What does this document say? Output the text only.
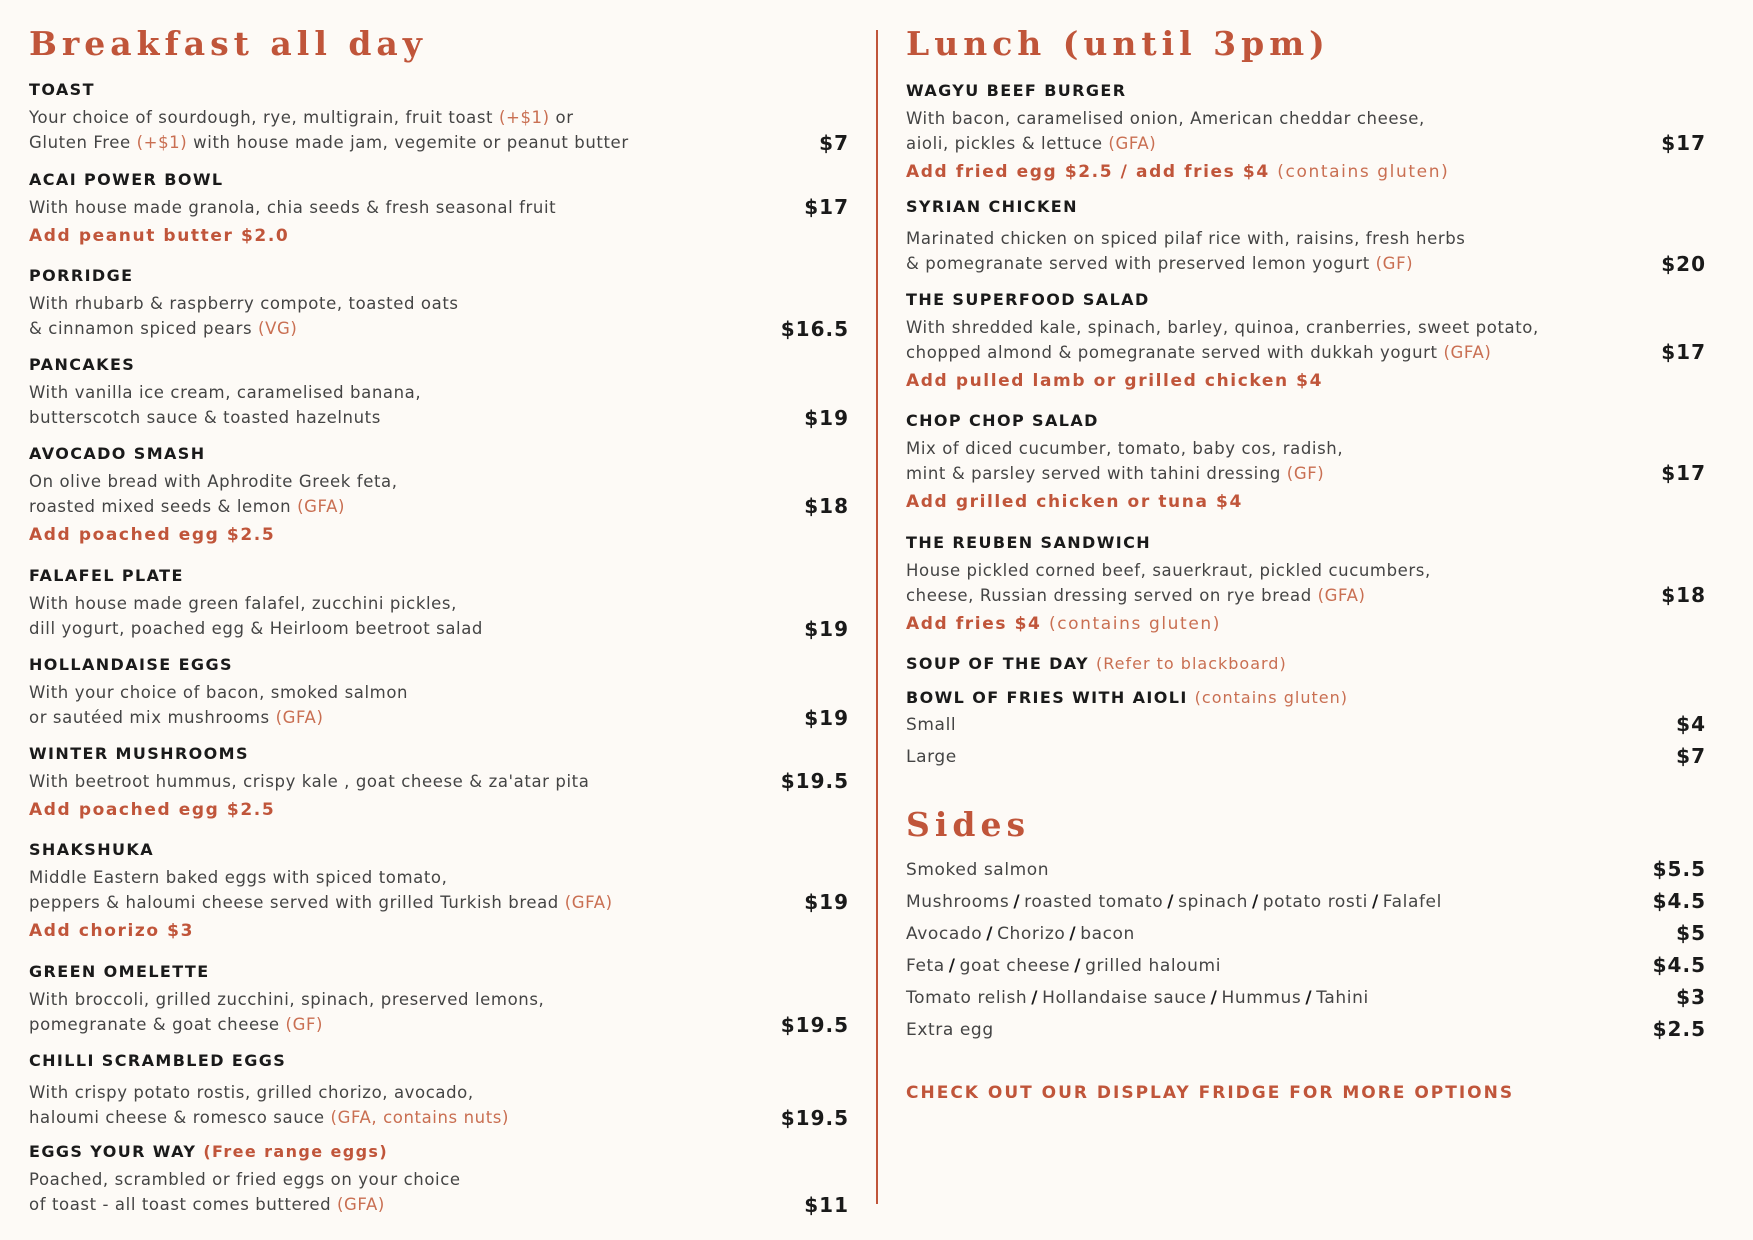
Breakfast all day
TOAST
Your choice of sourdough, rye, multigrain, fruit toast (+$1) or
Gluten Free (+$1) with house made jam, vegemite or peanut butter	$7
ACAI POWER BOWL
With house made granola, chia seeds & fresh seasonal fruit	$17
Add peanut butter $2.0
PORRIDGE
With rhubarb & raspberry compote, toasted oats
& cinnamon spiced pears (VG)	$16.5
PANCAKES
With vanilla ice cream, caramelised banana,
butterscotch sauce & toasted hazelnuts	$19
AVOCADO SMASH
On olive bread with Aphrodite Greek feta,
roasted mixed seeds & lemon (GFA)	$18
Add poached egg $2.5
FALAFEL PLATE
With house made green falafel, zucchini pickles,
dill yogurt, poached egg & Heirloom beetroot salad	$19
HOLLANDAISE EGGS
With your choice of bacon, smoked salmon
or sautéed mix mushrooms (GFA)	$19
WINTER MUSHROOMS
With beetroot hummus, crispy kale , goat cheese & za'atar pita	$19.5
Add poached egg $2.5
SHAKSHUKA
Middle Eastern baked eggs with spiced tomato,
peppers & haloumi cheese served with grilled Turkish bread (GFA)	$19
Add chorizo $3
GREEN OMELETTE
With broccoli, grilled zucchini, spinach, preserved lemons,
pomegranate & goat cheese (GF)	$19.5
CHILLI SCRAMBLED EGGS
With crispy potato rostis, grilled chorizo, avocado,
haloumi cheese & romesco sauce (GFA, contains nuts)	$19.5
EGGS YOUR WAY (Free range eggs)
Poached, scrambled or fried eggs on your choice
of toast - all toast comes buttered (GFA)	$11
Lunch (until 3pm)
WAGYU BEEF BURGER
With bacon, caramelised onion, American cheddar cheese,
aioli, pickles & lettuce (GFA)	$17
Add fried egg $2.5 / add fries $4 (contains gluten)
SYRIAN CHICKEN
Marinated chicken on spiced pilaf rice with, raisins, fresh herbs
& pomegranate served with preserved lemon yogurt (GF)	$20
THE SUPERFOOD SALAD
With shredded kale, spinach, barley, quinoa, cranberries, sweet potato,
chopped almond & pomegranate served with dukkah yogurt (GFA)	$17
Add pulled lamb or grilled chicken $4
CHOP CHOP SALAD
Mix of diced cucumber, tomato, baby cos, radish,
mint & parsley served with tahini dressing (GF)	$17
Add grilled chicken or tuna $4
THE REUBEN SANDWICH
House pickled corned beef, sauerkraut, pickled cucumbers,
cheese, Russian dressing served on rye bread (GFA)	$18
Add fries $4 (contains gluten)
SOUP OF THE DAY (Refer to blackboard)
BOWL OF FRIES WITH AIOLI (contains gluten)
Small	$4
Large	$7
Sides
Smoked salmon	$5.5
Mushrooms / roasted tomato / spinach / potato rosti / Falafel	$4.5
Avocado / Chorizo / bacon	$5
Feta / goat cheese / grilled haloumi	$4.5
Tomato relish / Hollandaise sauce / Hummus / Tahini	$3
Extra egg	$2.5
CHECK OUT OUR DISPLAY FRIDGE FOR MORE OPTIONS
